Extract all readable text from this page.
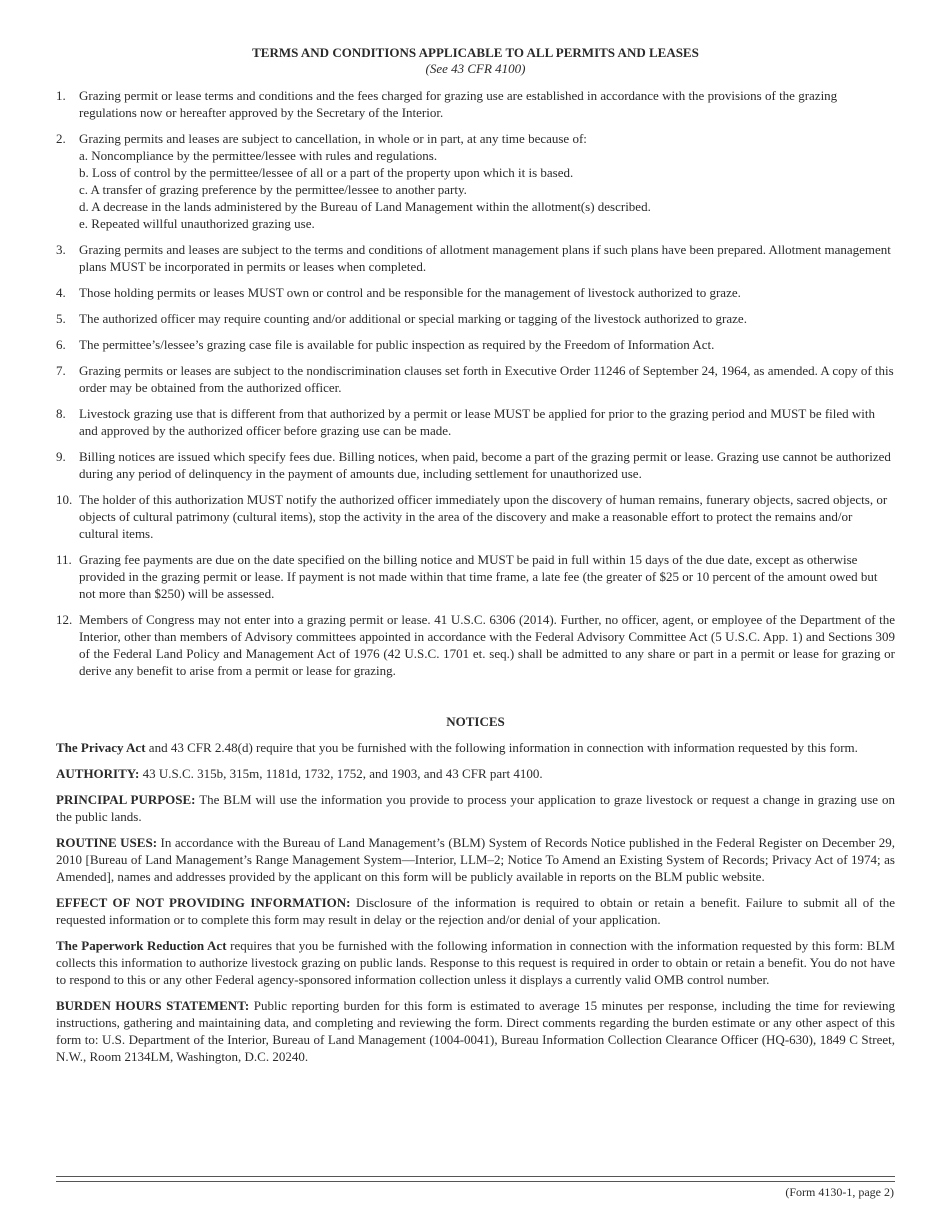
TERMS AND CONDITIONS APPLICABLE TO ALL PERMITS AND LEASES

(See 43 CFR 4100)

1. Grazing permit or lease terms and conditions and the fees charged for grazing use are established in accordance with the provisions of the grazing regulations now or hereafter approved by the Secretary of the Interior.
2. Grazing permits and leases are subject to cancellation, in whole or in part, at any time because of:
a. Noncompliance by the permittee/lessee with rules and regulations.
b. Loss of control by the permittee/lessee of all or a part of the property upon which it is based.
c. A transfer of grazing preference by the permittee/lessee to another party.
d. A decrease in the lands administered by the Bureau of Land Management within the allotment(s) described.
e. Repeated willful unauthorized grazing use.
3. Grazing permits and leases are subject to the terms and conditions of allotment management plans if such plans have been prepared. Allotment management plans MUST be incorporated in permits or leases when completed.
4. Those holding permits or leases MUST own or control and be responsible for the management of livestock authorized to graze.
5. The authorized officer may require counting and/or additional or special marking or tagging of the livestock authorized to graze.
6. The permittee’s/lessee’s grazing case file is available for public inspection as required by the Freedom of Information Act.
7. Grazing permits or leases are subject to the nondiscrimination clauses set forth in Executive Order 11246 of September 24, 1964, as amended. A copy of this order may be obtained from the authorized officer.
8. Livestock grazing use that is different from that authorized by a permit or lease MUST be applied for prior to the grazing period and MUST be filed with and approved by the authorized officer before grazing use can be made.
9. Billing notices are issued which specify fees due. Billing notices, when paid, become a part of the grazing permit or lease. Grazing use cannot be authorized during any period of delinquency in the payment of amounts due, including settlement for unauthorized use.
10. The holder of this authorization MUST notify the authorized officer immediately upon the discovery of human remains, funerary objects, sacred objects, or objects of cultural patrimony (cultural items), stop the activity in the area of the discovery and make a reasonable effort to protect the remains and/or cultural items.
11. Grazing fee payments are due on the date specified on the billing notice and MUST be paid in full within 15 days of the due date, except as otherwise provided in the grazing permit or lease. If payment is not made within that time frame, a late fee (the greater of $25 or 10 percent of the amount owed but not more than $250) will be assessed.
12. Members of Congress may not enter into a grazing permit or lease. 41 U.S.C. 6306 (2014). Further, no officer, agent, or employee of the Department of the Interior, other than members of Advisory committees appointed in accordance with the Federal Advisory Committee Act (5 U.S.C. App. 1) and Sections 309 of the Federal Land Policy and Management Act of 1976 (42 U.S.C. 1701 et. seq.) shall be admitted to any share or part in a permit or lease for grazing or derive any benefit to arise from a permit or lease for grazing.

NOTICES

The Privacy Act and 43 CFR 2.48(d) require that you be furnished with the following information in connection with information requested by this form.

AUTHORITY: 43 U.S.C. 315b, 315m, 1181d, 1732, 1752, and 1903, and 43 CFR part 4100.

PRINCIPAL PURPOSE: The BLM will use the information you provide to process your application to graze livestock or request a change in grazing use on the public lands.

ROUTINE USES: In accordance with the Bureau of Land Management’s (BLM) System of Records Notice published in the Federal Register on December 29, 2010 [Bureau of Land Management’s Range Management System—Interior, LLM–2; Notice To Amend an Existing System of Records; Privacy Act of 1974; as Amended], names and addresses provided by the applicant on this form will be publicly available in reports on the BLM public website.

EFFECT OF NOT PROVIDING INFORMATION: Disclosure of the information is required to obtain or retain a benefit. Failure to submit all of the requested information or to complete this form may result in delay or the rejection and/or denial of your application.

The Paperwork Reduction Act requires that you be furnished with the following information in connection with the information requested by this form: BLM collects this information to authorize livestock grazing on public lands. Response to this request is required in order to obtain or retain a benefit. You do not have to respond to this or any other Federal agency-sponsored information collection unless it displays a currently valid OMB control number.

BURDEN HOURS STATEMENT: Public reporting burden for this form is estimated to average 15 minutes per response, including the time for reviewing instructions, gathering and maintaining data, and completing and reviewing the form. Direct comments regarding the burden estimate or any other aspect of this form to: U.S. Department of the Interior, Bureau of Land Management (1004-0041), Bureau Information Collection Clearance Officer (HQ-630), 1849 C Street, N.W., Room 2134LM, Washington, D.C. 20240.

(Form 4130-1, page 2)
